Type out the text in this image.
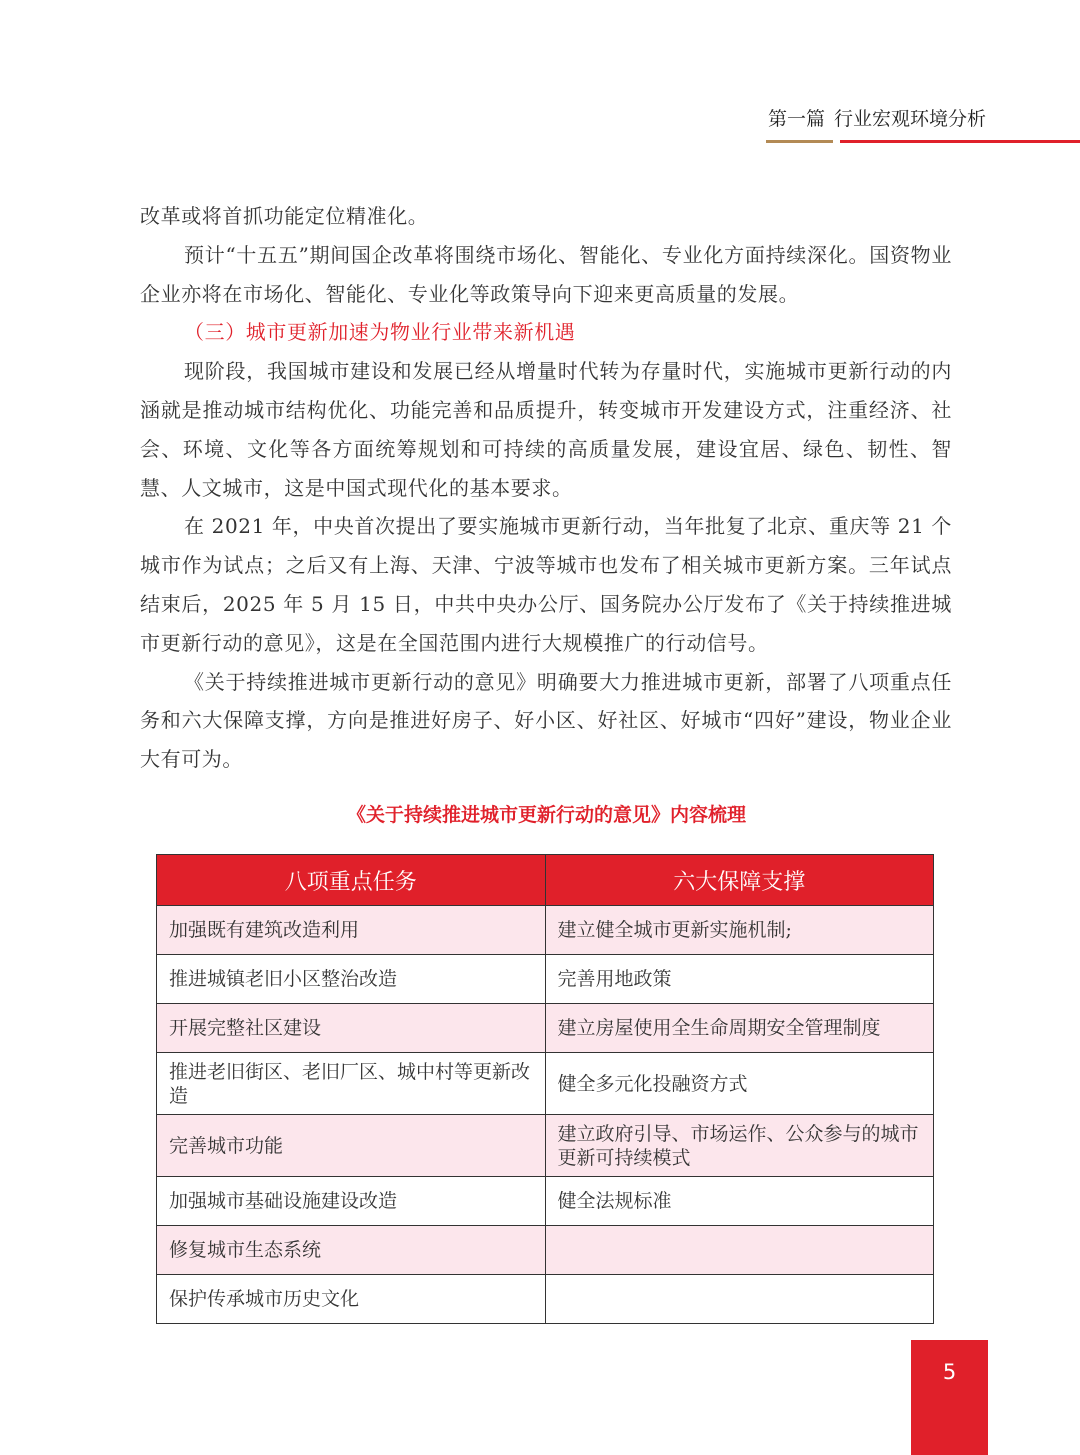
第一篇 行业宏观环境分析

改革或将首抓功能定位精准化。

预计“十五五”期间国企改革将围绕市场化、智能化、专业化方面持续深化。国资物业企业亦将在市场化、智能化、专业化等政策导向下迎来更高质量的发展。

（三）城市更新加速为物业行业带来新机遇

现阶段，我国城市建设和发展已经从增量时代转为存量时代，实施城市更新行动的内涵就是推动城市结构优化、功能完善和品质提升，转变城市开发建设方式，注重经济、社会、环境、文化等各方面统筹规划和可持续的高质量发展，建设宜居、绿色、韧性、智慧、人文城市，这是中国式现代化的基本要求。

在 2021 年，中央首次提出了要实施城市更新行动，当年批复了北京、重庆等 21 个城市作为试点；之后又有上海、天津、宁波等城市也发布了相关城市更新方案。三年试点结束后，2025 年 5 月 15 日，中共中央办公厅、国务院办公厅发布了《关于持续推进城市更新行动的意见》，这是在全国范围内进行大规模推广的行动信号。

《关于持续推进城市更新行动的意见》明确要大力推进城市更新，部署了八项重点任务和六大保障支撑，方向是推进好房子、好小区、好社区、好城市“四好”建设，物业企业大有可为。

《关于持续推进城市更新行动的意见》内容梳理
八项重点任务	六大保障支撑
加强既有建筑改造利用	建立健全城市更新实施机制;
推进城镇老旧小区整治改造	完善用地政策
开展完整社区建设	建立房屋使用全生命周期安全管理制度
推进老旧街区、老旧厂区、城中村等更新改造	健全多元化投融资方式
完善城市功能	建立政府引导、市场运作、公众参与的城市更新可持续模式
加强城市基础设施建设改造	健全法规标准
修复城市生态系统	
保护传承城市历史文化	
5
